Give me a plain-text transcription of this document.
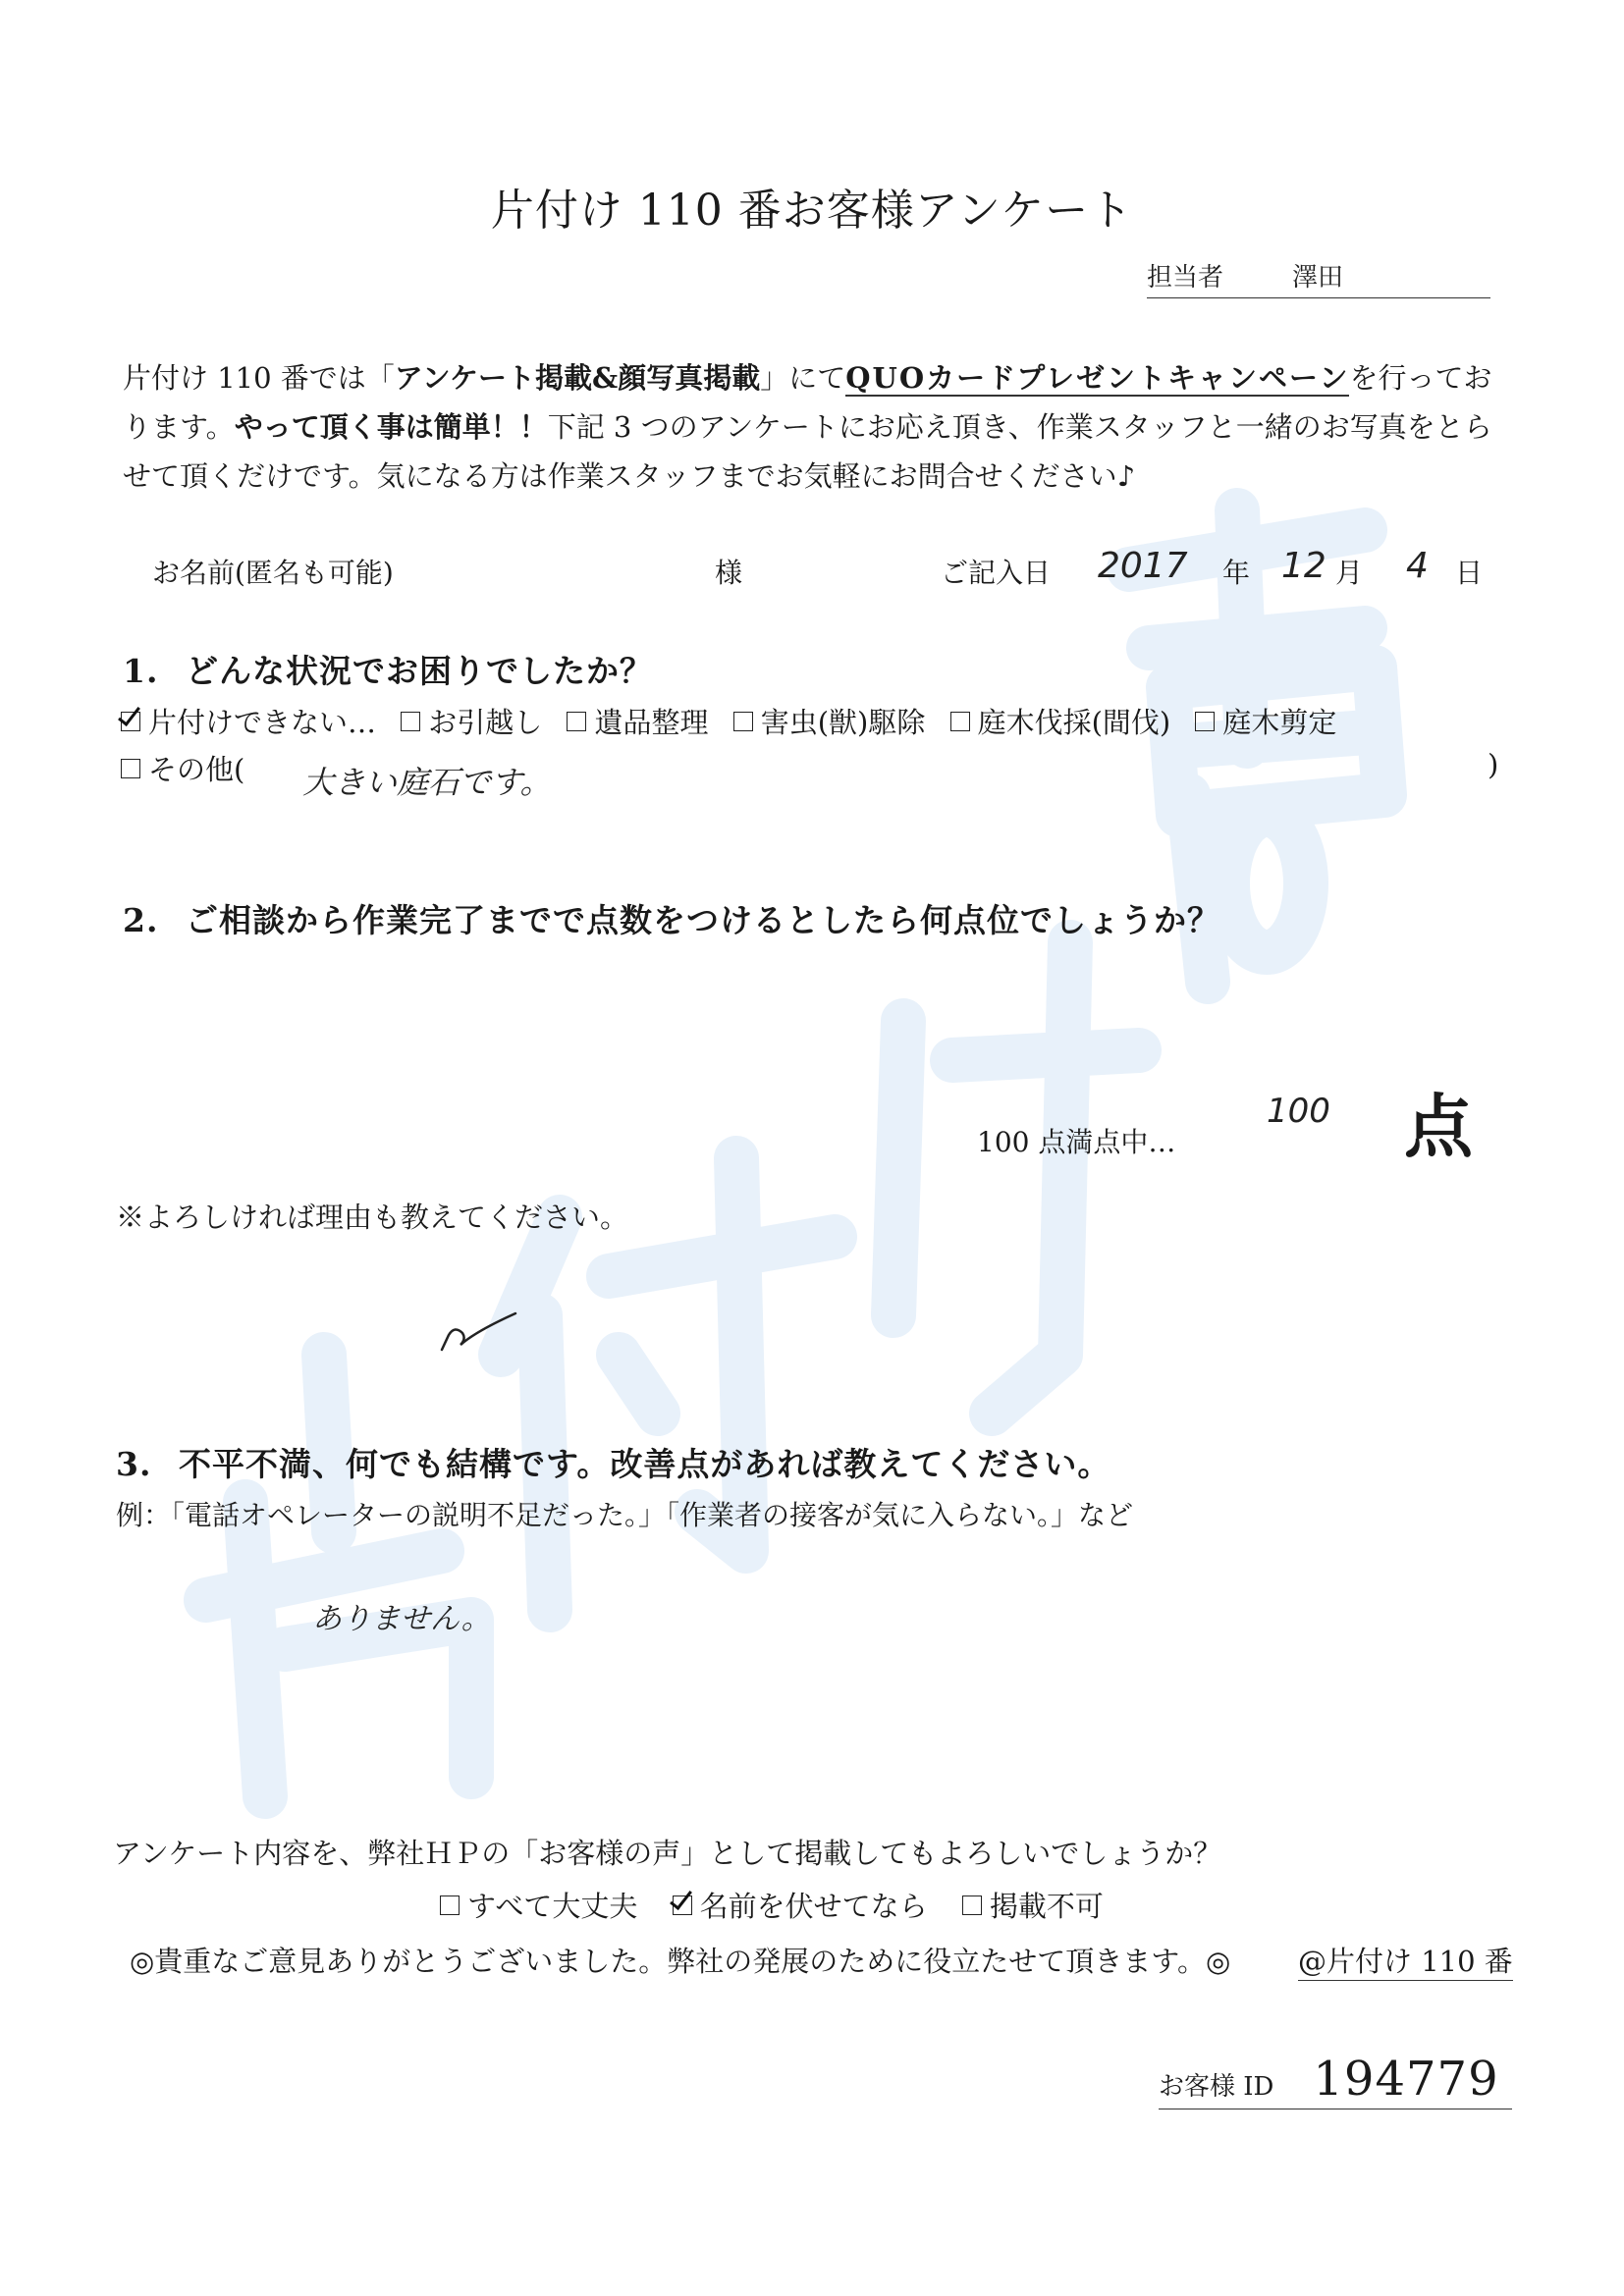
片付け 110 番お客様アンケート
担当者	澤田
片付け 110 番では「アンケート掲載&顔写真掲載」にてQUOカードプレゼントキャンペーンを行っております。やって頂く事は簡単！！下記 3 つのアンケートにお応え頂き、作業スタッフと一緒のお写真をとらせて頂くだけです。気になる方は作業スタッフまでお気軽にお問合せください♪
お名前(匿名も可能)	様	ご記入日 2017 年 12 月 4 日
1. どんな状況でお困りでしたか？
片付けできない… お引越し 遺品整理 害虫(獣)駆除 庭木伐採(間伐) 庭木剪定
その他( 大きい庭石です。	)
2. ご相談から作業完了までで点数をつけるとしたら何点位でしょうか？
100 点満点中…
100 点
※よろしければ理由も教えてください。
3. 不平不満、何でも結構です。改善点があれば教えてください。
例：「電話オペレーターの説明不足だった。」「作業者の接客が気に入らない。」など
ありません。
アンケート内容を、弊社ＨＰの「お客様の声」として掲載してもよろしいでしょうか？
すべて大丈夫 名前を伏せてなら 掲載不可
◎貴重なご意見ありがとうございました。弊社の発展のために役立たせて頂きます。◎ @片付け 110 番
お客様 ID 194779
